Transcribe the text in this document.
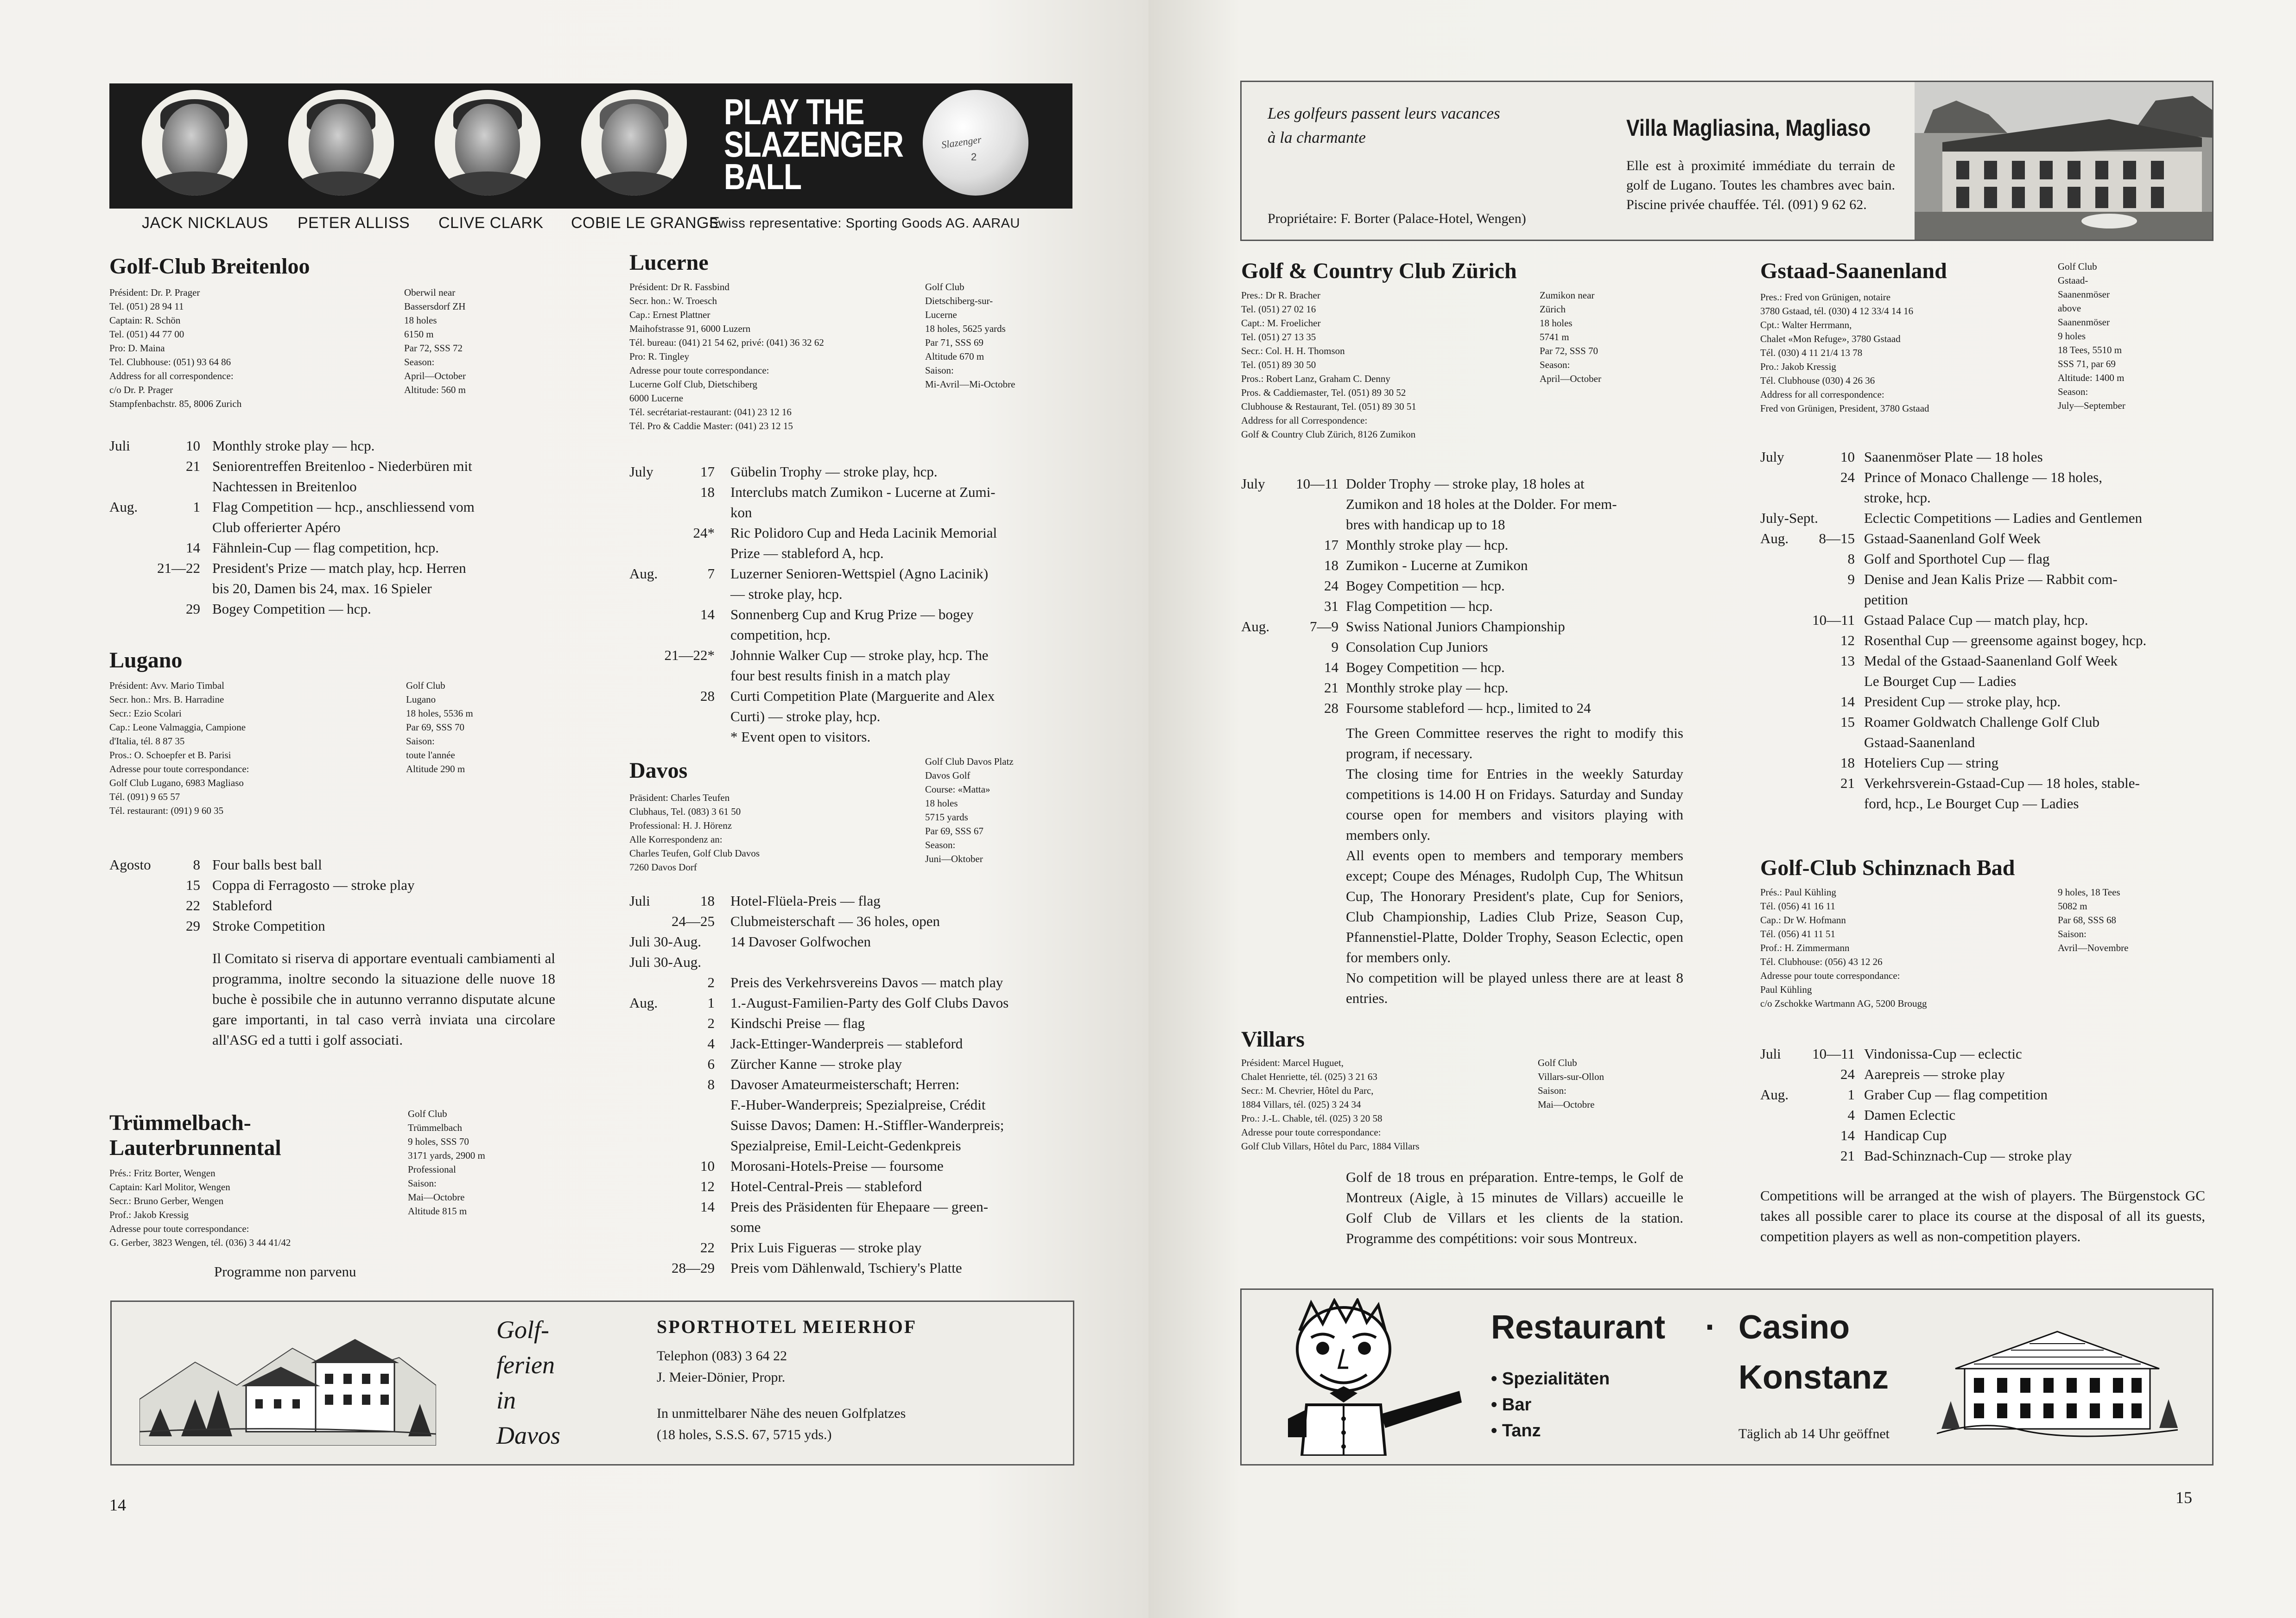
PLAY THE SLAZENGER BALL
Slazenger
2
JACK NICKLAUS PETER ALLISS CLIVE CLARK COBIE LE GRANGE
Swiss representative: Sporting Goods AG. AARAU
Golf-Club Breitenloo
Président: Dr. P. Prager
Tel. (051) 28 94 11
Captain: R. Schön
Tel. (051) 44 77 00
Pro: D. Maina
Tel. Clubhouse: (051) 93 64 86
Address for all correspondence:
c/o Dr. P. Prager
Stampfenbachstr. 85, 8006 Zurich
Oberwil near
Bassersdorf ZH
18 holes
6150 m
Par 72, SSS 72
Season:
April—October
Altitude: 560 m
Juli	10 Monthly stroke play — hcp.
21 Seniorentreffen Breitenloo - Niederbüren mit
Nachtessen in Breitenloo
Aug.	1 Flag Competition — hcp., anschliessend vom
Club offerierter Apéro
14 Fähnlein-Cup — flag competition, hcp.
21—22 President's Prize — match play, hcp. Herren
bis 20, Damen bis 24, max. 16 Spieler
29 Bogey Competition — hcp.
Lugano
Président: Avv. Mario Timbal
Secr. hon.: Mrs. B. Harradine
Secr.: Ezio Scolari
Cap.: Leone Valmaggia, Campione
d'Italia, tél. 8 87 35
Pros.: O. Schoepfer et B. Parisi
Adresse pour toute correspondance:
Golf Club Lugano, 6983 Magliaso
Tél. (091) 9 65 57
Tél. restaurant: (091) 9 60 35
Golf Club
Lugano
18 holes, 5536 m
Par 69, SSS 70
Saison:
toute l'année
Altitude 290 m
Agosto	8 Four balls best ball
15 Coppa di Ferragosto — stroke play
22 Stableford
29 Stroke Competition
Il Comitato si riserva di apportare eventuali cambiamenti al programma, inoltre secondo la situazione delle nuove 18 buche è possibile che in autunno verranno disputate alcune gare importanti, in tal caso verrà inviata una circolare all'ASG ed a tutti i golf associati.
Trümmelbach-
Lauterbrunnental
Prés.: Fritz Borter, Wengen
Captain: Karl Molitor, Wengen
Secr.: Bruno Gerber, Wengen
Prof.: Jakob Kressig
Adresse pour toute correspondance:
G. Gerber, 3823 Wengen, tél. (036) 3 44 41/42
Golf Club
Trümmelbach
9 holes, SSS 70
3171 yards, 2900 m
Professional
Saison:
Mai—Octobre
Altitude 815 m
Programme non parvenu
Lucerne
Président: Dr R. Fassbind
Secr. hon.: W. Troesch
Cap.: Ernest Plattner
Maihofstrasse 91, 6000 Luzern
Tél. bureau: (041) 21 54 62, privé: (041) 36 32 62
Pro: R. Tingley
Adresse pour toute correspondance:
Lucerne Golf Club, Dietschiberg
6000 Lucerne
Tél. secrétariat-restaurant: (041) 23 12 16
Tél. Pro & Caddie Master: (041) 23 12 15
Golf Club
Dietschiberg-sur-
Lucerne
18 holes, 5625 yards
Par 71, SSS 69
Altitude 670 m
Saison:
Mi-Avril—Mi-Octobre
July	17	Gübelin Trophy — stroke play, hcp.
18	Interclubs match Zumikon - Lucerne at Zumi-
kon
24*	Ric Polidoro Cup and Heda Lacinik Memorial
Prize — stableford A, hcp.
Aug.	7	Luzerner Senioren-Wettspiel (Agno Lacinik)
— stroke play, hcp.
14	Sonnenberg Cup and Krug Prize — bogey
competition, hcp.
21—22*	Johnnie Walker Cup — stroke play, hcp. The
four best results finish in a match play
28	Curti Competition Plate (Marguerite and Alex
Curti) — stroke play, hcp.
* Event open to visitors.
Davos
Präsident: Charles Teufen
Clubhaus, Tel. (083) 3 61 50
Professional: H. J. Hörenz
Alle Korrespondenz an:
Charles Teufen, Golf Club Davos
7260 Davos Dorf
Golf Club Davos Platz
Davos Golf
Course: «Matta»
18 holes
5715 yards
Par 69, SSS 67
Season:
Juni—Oktober
Juli	18	Hotel-Flüela-Preis — flag
24—25	Clubmeisterschaft — 36 holes, open
Juli 30-Aug.	14 Davoser Golfwochen
Juli 30-Aug.
2	Preis des Verkehrsvereins Davos — match play
Aug.	1	1.-August-Familien-Party des Golf Clubs Davos
2	Kindschi Preise — flag
4	Jack-Ettinger-Wanderpreis — stableford
6	Zürcher Kanne — stroke play
8	Davoser Amateurmeisterschaft; Herren:
F.-Huber-Wanderpreis; Spezialpreise, Crédit
Suisse Davos; Damen: H.-Stiffler-Wanderpreis;
Spezialpreise, Emil-Leicht-Gedenkpreis
10	Morosani-Hotels-Preise — foursome
12	Hotel-Central-Preis — stableford
14	Preis des Präsidenten für Ehepaare — green-
some
22	Prix Luis Figueras — stroke play
28—29	Preis vom Dählenwald, Tschiery's Platte
Golf-
ferien
in
Davos
SPORTHOTEL MEIERHOF
Telephon (083) 3 64 22
J. Meier-Dönier, Propr.
In unmittelbarer Nähe des neuen Golfplatzes
(18 holes, S.S.S. 67, 5715 yds.)
14
Les golfeurs passent leurs vacances
à la charmante	Villa Magliasina, Magliaso
Elle est à proximité immédiate du terrain de golf de Lugano. Toutes les chambres avec bain. Piscine privée chauffée. Tél. (091) 9 62 62.
Propriétaire: F. Borter (Palace-Hotel, Wengen)
Golf & Country Club Zürich
Pres.: Dr R. Bracher
Tel. (051) 27 02 16
Capt.: M. Froelicher
Tel. (051) 27 13 35
Secr.: Col. H. H. Thomson
Tel. (051) 89 30 50
Pros.: Robert Lanz, Graham C. Denny
Pros. & Caddiemaster, Tel. (051) 89 30 52
Clubhouse & Restaurant, Tel. (051) 89 30 51
Address for all Correspondence:
Golf & Country Club Zürich, 8126 Zumikon
Zumikon near
Zürich
18 holes
5741 m
Par 72, SSS 70
Season:
April—October
July	10—11 Dolder Trophy — stroke play, 18 holes at
Zumikon and 18 holes at the Dolder. For mem-
bres with handicap up to 18
17 Monthly stroke play — hcp.
18 Zumikon - Lucerne at Zumikon
24 Bogey Competition — hcp.
31 Flag Competition — hcp.
Aug.	7—9 Swiss National Juniors Championship
9 Consolation Cup Juniors
14 Bogey Competition — hcp.
21 Monthly stroke play — hcp.
28 Foursome stableford — hcp., limited to 24
The Green Committee reserves the right to modify this program, if necessary.
The closing time for Entries in the weekly Saturday competitions is 14.00 H on Fridays. Saturday and Sunday course open for members and visitors playing with members only.
All events open to members and temporary members except; Coupe des Ménages, Rudolph Cup, The Whitsun Cup, The Honorary President's plate, Cup for Seniors, Club Championship, Ladies Club Prize, Season Cup, Pfannenstiel-Platte, Dolder Trophy, Season Eclectic, open for members only.
No competition will be played unless there are at least 8 entries.
Villars
Président: Marcel Huguet,
Chalet Henriette, tél. (025) 3 21 63
Secr.: M. Chevrier, Hôtel du Parc,
1884 Villars, tél. (025) 3 24 34
Pro.: J.-L. Chable, tél. (025) 3 20 58
Adresse pour toute correspondance:
Golf Club Villars, Hôtel du Parc, 1884 Villars
Golf Club
Villars-sur-Ollon
Saison:
Mai—Octobre
Golf de 18 trous en préparation. Entre-temps, le Golf de Montreux (Aigle, à 15 minutes de Villars) accueille le Golf Club de Villars et les clients de la station. Programme des compétitions: voir sous Montreux.
Gstaad-Saanenland
Pres.: Fred von Grünigen, notaire
3780 Gstaad, tél. (030) 4 12 33/4 14 16
Cpt.: Walter Herrmann,
Chalet «Mon Refuge», 3780 Gstaad
Tél. (030) 4 11 21/4 13 78
Pro.: Jakob Kressig
Tél. Clubhouse (030) 4 26 36
Address for all correspondence:
Fred von Grünigen, President, 3780 Gstaad
Golf Club
Gstaad-
Saanenmöser
above
Saanenmöser
9 holes
18 Tees, 5510 m
SSS 71, par 69
Altitude: 1400 m
Season:
July—September
July	10 Saanenmöser Plate — 18 holes
24 Prince of Monaco Challenge — 18 holes,
stroke, hcp.
July-Sept.	Eclectic Competitions — Ladies and Gentlemen
Aug.	8—15 Gstaad-Saanenland Golf Week
8 Golf and Sporthotel Cup — flag
9 Denise and Jean Kalis Prize — Rabbit com-
petition
10—11 Gstaad Palace Cup — match play, hcp.
12 Rosenthal Cup — greensome against bogey, hcp.
13 Medal of the Gstaad-Saanenland Golf Week
Le Bourget Cup — Ladies
14 President Cup — stroke play, hcp.
15 Roamer Goldwatch Challenge Golf Club
Gstaad-Saanenland
18 Hoteliers Cup — string
21 Verkehrsverein-Gstaad-Cup — 18 holes, stable-
ford, hcp., Le Bourget Cup — Ladies
Golf-Club Schinznach Bad
Prés.: Paul Kühling
Tél. (056) 41 16 11
Cap.: Dr W. Hofmann
Tél. (056) 41 11 51
Prof.: H. Zimmermann
Tél. Clubhouse: (056) 43 12 26
Adresse pour toute correspondance:
Paul Kühling
c/o Zschokke Wartmann AG, 5200 Brougg
9 holes, 18 Tees
5082 m
Par 68, SSS 68
Saison:
Avril—Novembre
Juli	10—11 Vindonissa-Cup — eclectic
24 Aarepreis — stroke play
Aug.	1 Graber Cup — flag competition
4 Damen Eclectic
14 Handicap Cup
21 Bad-Schinznach-Cup — stroke play
Competitions will be arranged at the wish of players. The Bürgenstock GC takes all possible carer to place its course at the disposal of all its guests, competition players as well as non-competition players.
Restaurant · Casino
Konstanz
• Spezialitäten
• Bar
• Tanz	Täglich ab 14 Uhr geöffnet
15
